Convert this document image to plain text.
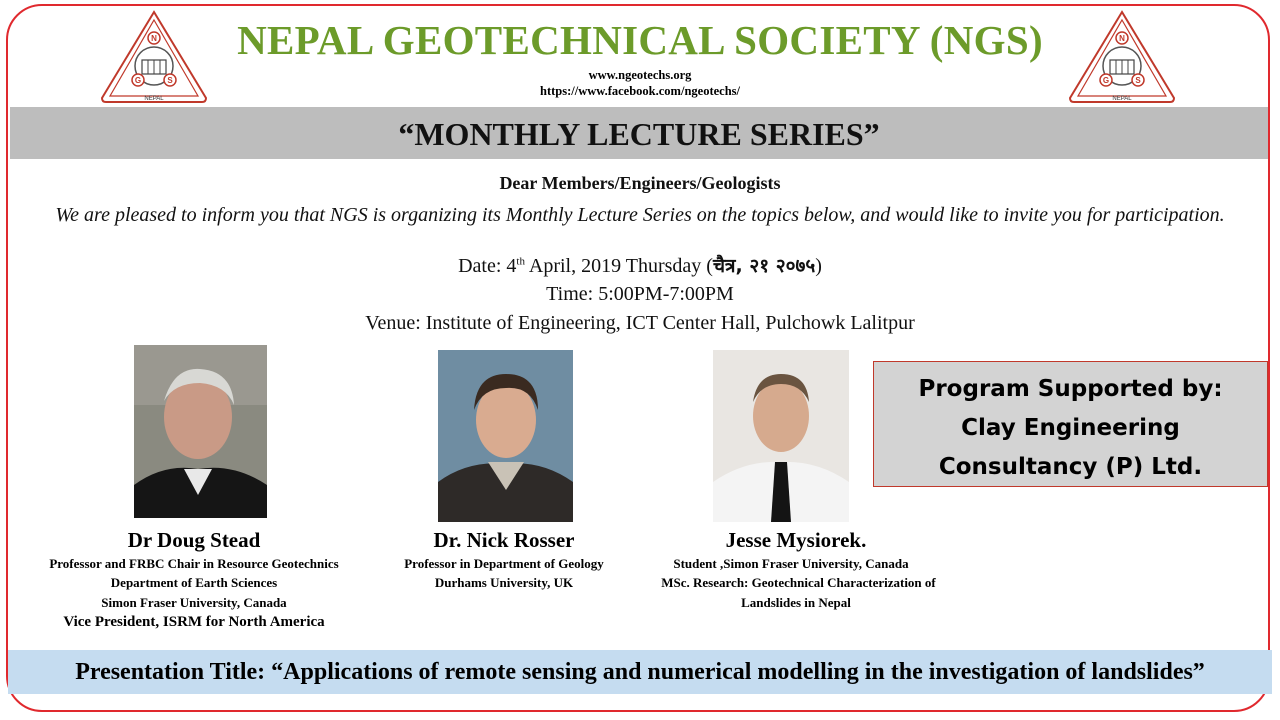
N
G	S
NEPAL
N
G	S
NEPAL
NEPAL GEOTECHNICAL SOCIETY (NGS)
www.ngeotechs.org
https://www.facebook.com/ngeotechs/
“MONTHLY LECTURE SERIES”
Dear Members/Engineers/Geologists
We are pleased to inform you that NGS is organizing its Monthly Lecture Series on the topics below, and would like to invite you for participation.
Date: 4th April, 2019 Thursday (चैत्र, २१ २०७५)
Time: 5:00PM-7:00PM
Venue: Institute of Engineering, ICT Center Hall, Pulchowk Lalitpur
Dr Doug Stead
Professor and FRBC Chair in Resource Geotechnics
Department of Earth Sciences
Simon Fraser University, Canada
Vice President, ISRM for North America
Dr. Nick Rosser
Professor in Department of Geology
Durhams University, UK
Jesse Mysiorek.
Student ,Simon Fraser University, Canada
MSc. Research: Geotechnical Characterization of
Landslides in Nepal
Program Supported by:
Clay Engineering
Consultancy (P) Ltd.
Presentation Title: “Applications of remote sensing and numerical modelling in the investigation of landslides”
